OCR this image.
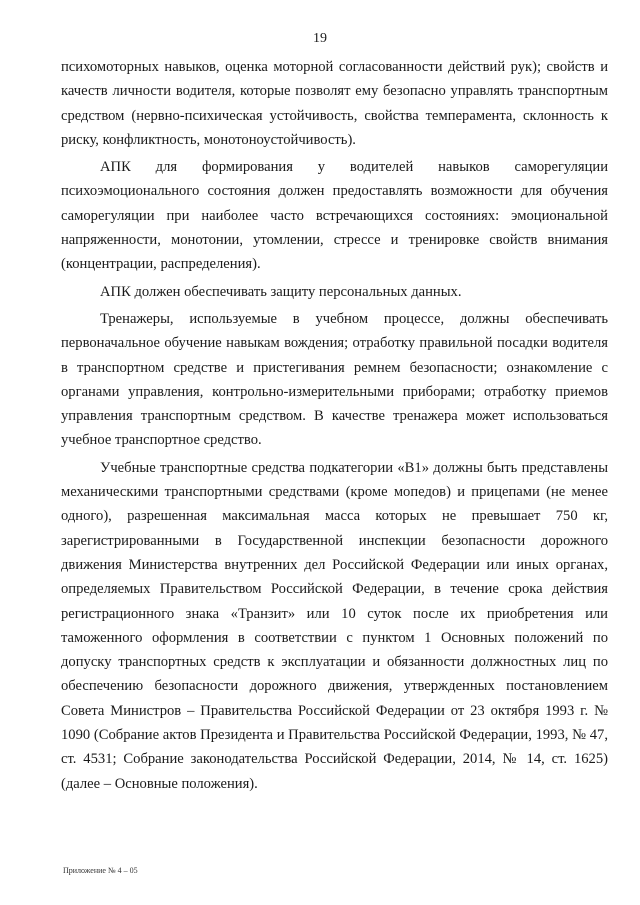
19

психомоторных навыков, оценка моторной согласованности действий рук); свойств и качеств личности водителя, которые позволят ему безопасно управлять транспортным средством (нервно-психическая устойчивость, свойства темперамента, склонность к риску, конфликтность, монотоноустойчивость).

АПК для формирования у водителей навыков саморегуляции психоэмоционального состояния должен предоставлять возможности для обучения саморегуляции при наиболее часто встречающихся состояниях: эмоциональной напряженности, монотонии, утомлении, стрессе и тренировке свойств внимания (концентрации, распределения).

АПК должен обеспечивать защиту персональных данных.

Тренажеры, используемые в учебном процессе, должны обеспечивать первоначальное обучение навыкам вождения; отработку правильной посадки водителя в транспортном средстве и пристегивания ремнем безопасности; ознакомление с органами управления, контрольно-измерительными приборами; отработку приемов управления транспортным средством. В качестве тренажера может использоваться учебное транспортное средство.

Учебные транспортные средства подкатегории «B1» должны быть представлены механическими транспортными средствами (кроме мопедов) и прицепами (не менее одного), разрешенная максимальная масса которых не превышает 750 кг, зарегистрированными в Государственной инспекции безопасности дорожного движения Министерства внутренних дел Российской Федерации или иных органах, определяемых Правительством Российской Федерации, в течение срока действия регистрационного знака «Транзит» или 10 суток после их приобретения или таможенного оформления в соответствии с пунктом 1 Основных положений по допуску транспортных средств к эксплуатации и обязанности должностных лиц по обеспечению безопасности дорожного движения, утвержденных постановлением Совета Министров – Правительства Российской Федерации от 23 октября 1993 г. № 1090 (Собрание актов Президента и Правительства Российской Федерации, 1993, № 47, ст. 4531; Собрание законодательства Российской Федерации, 2014, № 14, ст. 1625) (далее – Основные положения).

Приложение № 4 – 05
